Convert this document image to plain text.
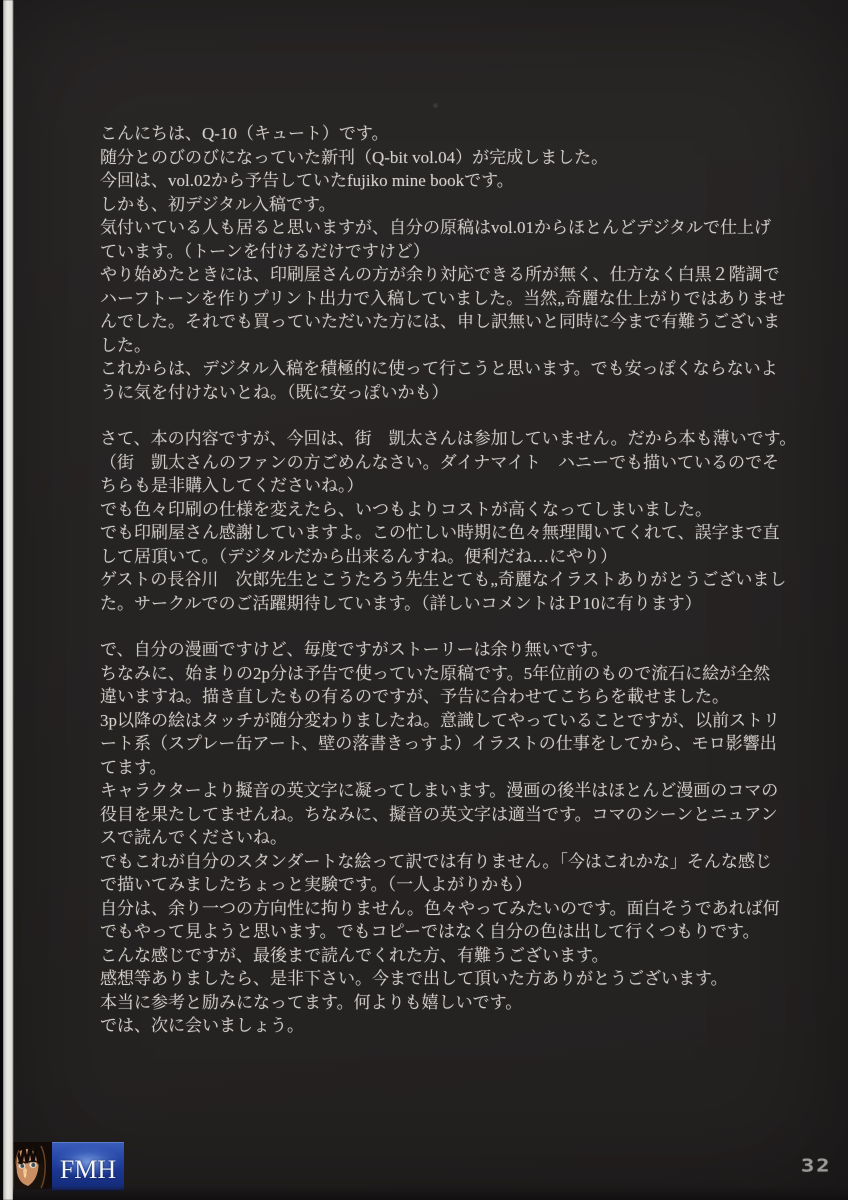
こんにちは、Q-10（キュート）です。
随分とのびのびになっていた新刊（Q-bit vol.04）が完成しました。
今回は、vol.02から予告していたfujiko mine bookです。
しかも、初デジタル入稿です。
気付いている人も居ると思いますが、自分の原稿はvol.01からほとんどデジタルで仕上げ
ています。（トーンを付けるだけですけど）
やり始めたときには、印刷屋さんの方が余り対応できる所が無く、仕方なく白黒２階調で
ハーフトーンを作りプリント出力で入稿していました。当然„奇麗な仕上がりではありませ
んでした。それでも買っていただいた方には、申し訳無いと同時に今まで有難うございま
した。
これからは、デジタル入稿を積極的に使って行こうと思います。でも安っぽくならないよ
うに気を付けないとね。（既に安っぽいかも）

さて、本の内容ですが、今回は、街　凱太さんは参加していません。だから本も薄いです。
（街　凱太さんのファンの方ごめんなさい。ダイナマイト　ハニーでも描いているのでそ
ちらも是非購入してくださいね。）
でも色々印刷の仕様を変えたら、いつもよりコストが高くなってしまいました。
でも印刷屋さん感謝していますよ。この忙しい時期に色々無理聞いてくれて、誤字まで直
して居頂いて。（デジタルだから出来るんすね。便利だね…にやり）
ゲストの長谷川　次郎先生とこうたろう先生とても„奇麗なイラストありがとうございまし
た。サークルでのご活躍期待しています。（詳しいコメントはＰ10に有ります）

で、自分の漫画ですけど、毎度ですがストーリーは余り無いです。
ちなみに、始まりの2p分は予告で使っていた原稿です。5年位前のもので流石に絵が全然
違いますね。描き直したもの有るのですが、予告に合わせてこちらを載せました。
3p以降の絵はタッチが随分変わりましたね。意識してやっていることですが、以前ストリ
ート系（スプレー缶アート、壁の落書きっすよ）イラストの仕事をしてから、モロ影響出
てます。
キャラクターより擬音の英文字に凝ってしまいます。漫画の後半はほとんど漫画のコマの
役目を果たしてませんね。ちなみに、擬音の英文字は適当です。コマのシーンとニュアン
スで読んでくださいね。
でもこれが自分のスタンダートな絵って訳では有りません。「今はこれかな」そんな感じ
で描いてみましたちょっと実験です。（一人よがりかも）
自分は、余り一つの方向性に拘りません。色々やってみたいのです。面白そうであれば何
でもやって見ようと思います。でもコピーではなく自分の色は出して行くつもりです。
こんな感じですが、最後まで読んでくれた方、有難うございます。
感想等ありましたら、是非下さい。今まで出して頂いた方ありがとうございます。
本当に参考と励みになってます。何よりも嬉しいです。
では、次に会いましょう。

FMH	32
